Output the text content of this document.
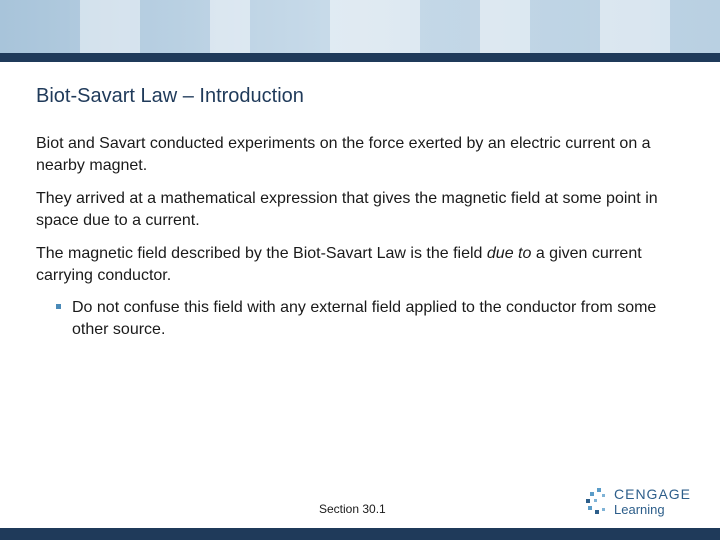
Biot-Savart Law – Introduction
Biot and Savart conducted experiments on the force exerted by an electric current on a nearby magnet.
They arrived at a mathematical expression that gives the magnetic field at some point in space due to a current.
The magnetic field described by the Biot-Savart Law is the field due to a given current carrying conductor.
Do not confuse this field with any external field applied to the conductor from some other source.
Section 30.1
CENGAGE
Learning
